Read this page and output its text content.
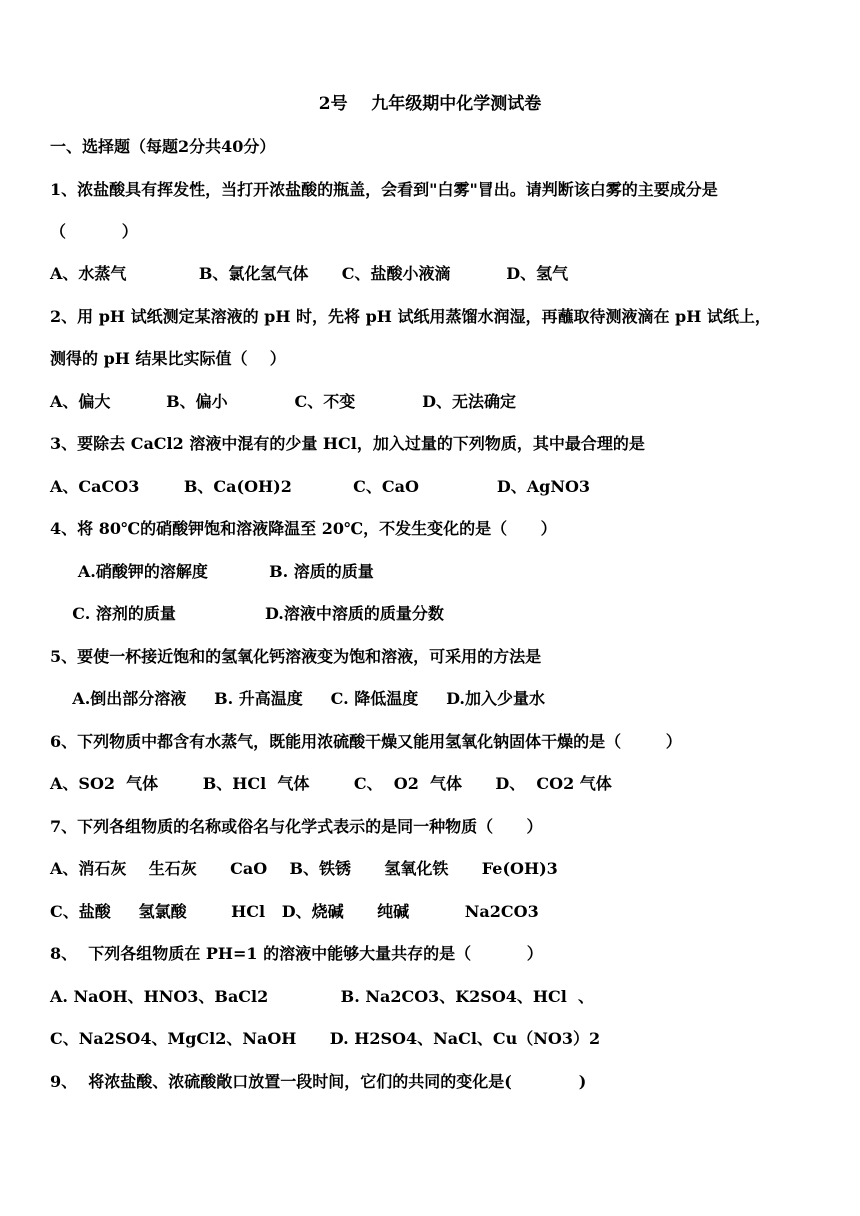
2号    九年级期中化学测试卷
一、选择题（每题2分共40分）
1、浓盐酸具有挥发性，当打开浓盐酸的瓶盖，会看到"白雾"冒出。请判断该白雾的主要成分是
（          ）
A、水蒸气             B、氯化氢气体      C、盐酸小液滴          D、氢气
2、用 pH 试纸测定某溶液的 pH 时，先将 pH 试纸用蒸馏水润湿，再蘸取待测液滴在 pH 试纸上，
测得的 pH 结果比实际值（    ）
A、偏大          B、偏小            C、不变            D、无法确定
3、要除去 CaCl2 溶液中混有的少量 HCl，加入过量的下列物质，其中最合理的是
A、CaCO3        B、Ca(OH)2           C、CaO              D、AgNO3
4、将 80℃的硝酸钾饱和溶液降温至 20℃，不发生变化的是（      ）
A.硝酸钾的溶解度           B. 溶质的质量
C. 溶剂的质量                D.溶液中溶质的质量分数
5、要使一杯接近饱和的氢氧化钙溶液变为饱和溶液，可采用的方法是
A.倒出部分溶液     B. 升高温度     C. 降低温度     D.加入少量水
6、下列物质中都含有水蒸气，既能用浓硫酸干燥又能用氢氧化钠固体干燥的是（        ）
A、SO2  气体        B、HCl  气体        C、  O2  气体      D、  CO2 气体
7、下列各组物质的名称或俗名与化学式表示的是同一种物质（      ）
A、消石灰    生石灰      CaO    B、铁锈      氢氧化铁      Fe(OH)3
C、盐酸     氢氯酸        HCl   D、烧碱      纯碱          Na2CO3
8、  下列各组物质在 PH=1 的溶液中能够大量共存的是（          ）
A. NaOH、HNO3、BaCl2             B. Na2CO3、K2SO4、HCl  、
C、Na2SO4、MgCl2、NaOH      D. H2SO4、NaCl、Cu（NO3）2
9、  将浓盐酸、浓硫酸敞口放置一段时间，它们的共同的变化是(            )
